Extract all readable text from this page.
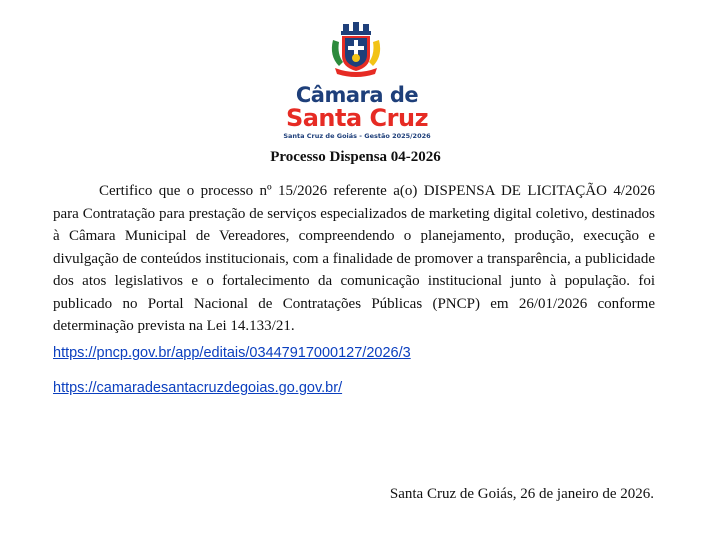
Câmara de
Santa Cruz
Santa Cruz de Goiás - Gestão 2025/2026
Processo Dispensa 04-2026

Certifico que o processo nº 15/2026 referente a(o) DISPENSA DE LICITAÇÃO 4/2026 para Contratação para prestação de serviços especializados de marketing digital coletivo, destinados à Câmara Municipal de Vereadores, compreendendo o planejamento, produção, execução e divulgação de conteúdos institucionais, com a finalidade de promover a transparência, a publicidade dos atos legislativos e o fortalecimento da comunicação institucional junto à população. foi publicado no Portal Nacional de Contratações Públicas (PNCP) em 26/01/2026 conforme determinação prevista na Lei 14.133/21.

https://pncp.gov.br/app/editais/03447917000127/2026/3
https://camaradesantacruzdegoias.go.gov.br/
Santa Cruz de Goiás, 26 de janeiro de 2026.
